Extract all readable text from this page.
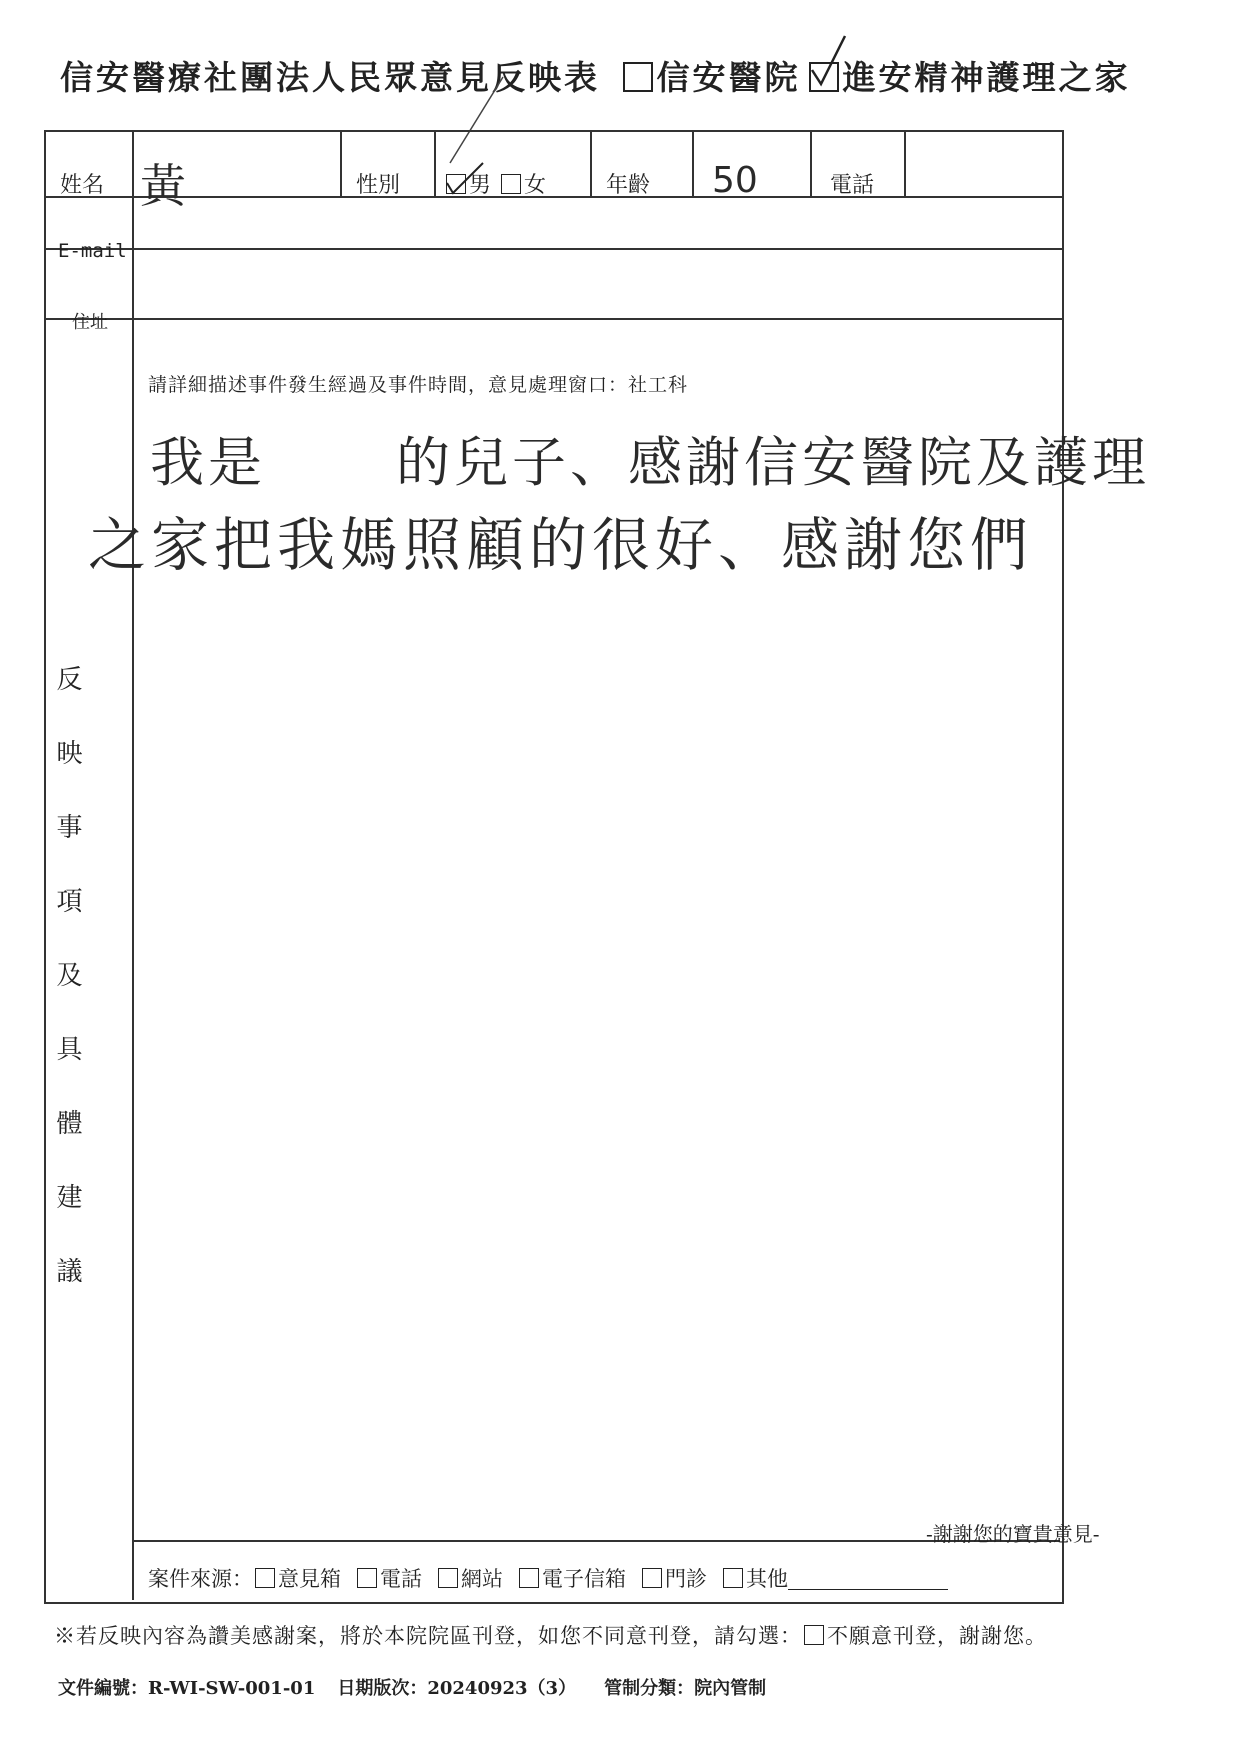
信安醫療社團法人民眾意見反映表 信安醫院 進安精神護理之家
姓名 黃	性別	男 女	年齡 50	電話
E-mail
住址
反映事項及具體建議
請詳細描述事件發生經過及事件時間，意見處理窗口：社工科
我是 的兒子、感謝信安醫院及護理
之家把我媽照顧的很好、感謝您們
-謝謝您的寶貴意見-
案件來源： 意見箱 電話 網站 電子信箱 門診 其他
※若反映內容為讚美感謝案，將於本院院區刊登，如您不同意刊登，請勾選： 不願意刊登，謝謝您。
文件編號：R-WI-SW-001-01 日期版次：20240923（3） 管制分類：院內管制
